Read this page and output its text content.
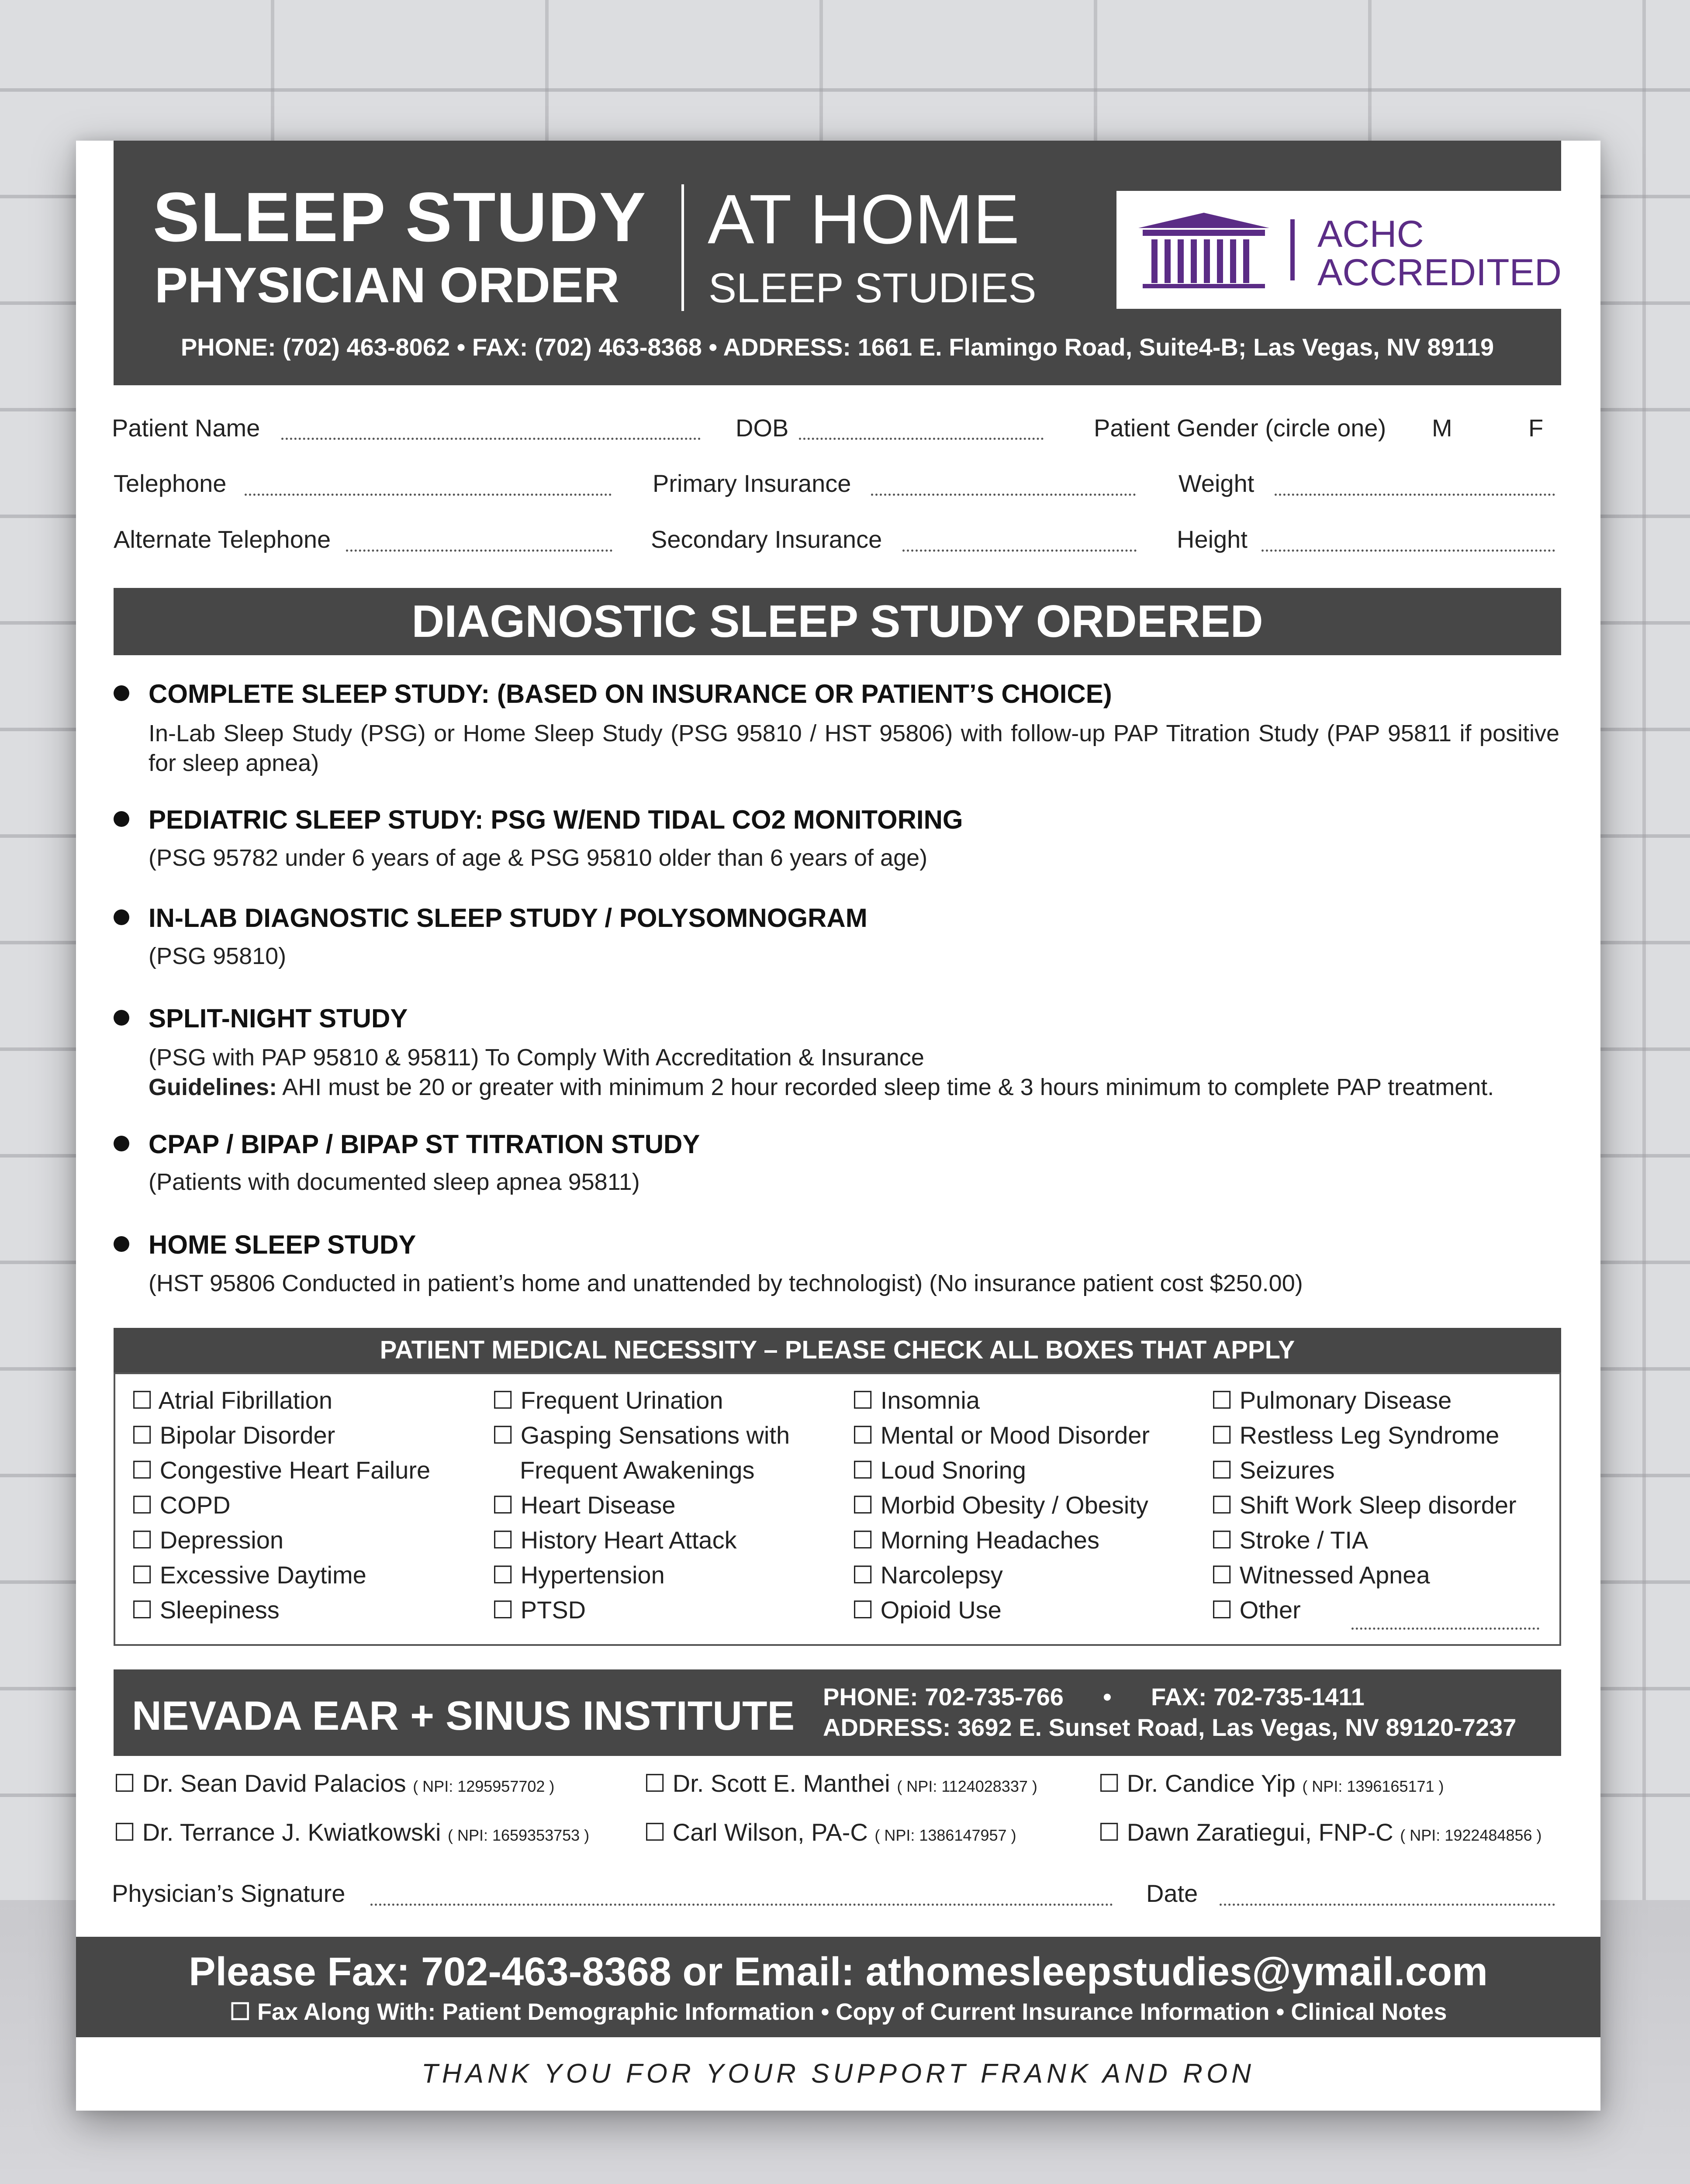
SLEEP STUDY
PHYSICIAN ORDER
AT HOME
SLEEP STUDIES
ACHC
ACCREDITED
PHONE: (702) 463-8062 • FAX: (702) 463-8368 • ADDRESS: 1661 E. Flamingo Road, Suite4-B; Las Vegas, NV 89119
Patient Name	DOB	Patient Gender (circle one) M	F
Telephone	Primary Insurance	Weight
Alternate Telephone	Secondary Insurance	Height
DIAGNOSTIC SLEEP STUDY ORDERED
COMPLETE SLEEP STUDY: (BASED ON INSURANCE OR PATIENT’S CHOICE)
In-Lab Sleep Study (PSG) or Home Sleep Study (PSG 95810 / HST 95806) with follow-up PAP Titration Study (PAP 95811 if positive for sleep apnea)
PEDIATRIC SLEEP STUDY: PSG W/END TIDAL CO2 MONITORING
(PSG 95782 under 6 years of age & PSG 95810 older than 6 years of age)
IN-LAB DIAGNOSTIC SLEEP STUDY / POLYSOMNOGRAM
(PSG 95810)
SPLIT-NIGHT STUDY
(PSG with PAP 95810 & 95811) To Comply With Accreditation & Insurance
Guidelines: AHI must be 20 or greater with minimum 2 hour recorded sleep time & 3 hours minimum to complete PAP treatment.
CPAP / BIPAP / BIPAP ST TITRATION STUDY
(Patients with documented sleep apnea 95811)
HOME SLEEP STUDY
(HST 95806 Conducted in patient’s home and unattended by technologist) (No insurance patient cost $250.00)
PATIENT MEDICAL NECESSITY – PLEASE CHECK ALL BOXES THAT APPLY
☐ Atrial Fibrillation
☐ Bipolar Disorder
☐ Congestive Heart Failure
☐ COPD
☐ Depression
☐ Excessive Daytime
☐ Sleepiness
☐ Frequent Urination
☐ Gasping Sensations with
Frequent Awakenings
☐ Heart Disease
☐ History Heart Attack
☐ Hypertension
☐ PTSD
☐ Insomnia
☐ Mental or Mood Disorder
☐ Loud Snoring
☐ Morbid Obesity / Obesity
☐ Morning Headaches
☐ Narcolepsy
☐ Opioid Use
☐ Pulmonary Disease
☐ Restless Leg Syndrome
☐ Seizures
☐ Shift Work Sleep disorder
☐ Stroke / TIA
☐ Witnessed Apnea
☐ Other
NEVADA EAR + SINUS INSTITUTE PHONE: 702-735-766 • FAX: 702-735-1411
ADDRESS: 3692 E. Sunset Road, Las Vegas, NV 89120-7237
☐ Dr. Sean David Palacios ( NPI: 1295957702 )	☐ Dr. Scott E. Manthei ( NPI: 1124028337 ) ☐ Dr. Candice Yip ( NPI: 1396165171 )
☐ Dr. Terrance J. Kwiatkowski ( NPI: 1659353753 ) ☐ Carl Wilson, PA-C ( NPI: 1386147957 )	☐ Dawn Zaratiegui, FNP-C ( NPI: 1922484856 )
Physician’s Signature	Date
Please Fax: 702-463-8368 or Email: athomesleepstudies@ymail.com
☐ Fax Along With: Patient Demographic Information • Copy of Current Insurance Information • Clinical Notes
THANK YOU FOR YOUR SUPPORT FRANK AND RON
